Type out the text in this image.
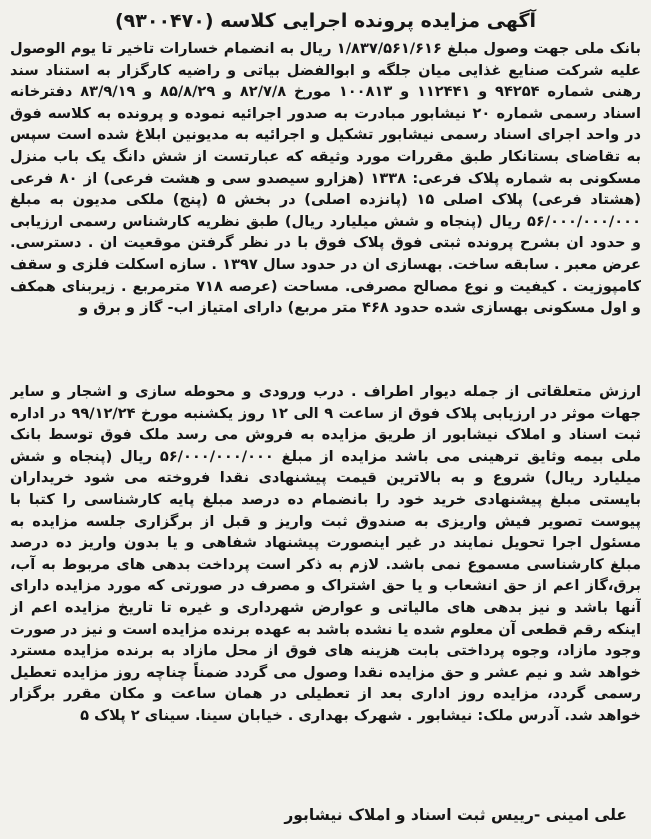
آگهی مزایده پرونده اجرایی کلاسه (۹۳۰۰۴۷۰)

بانک ملی جهت وصول مبلغ ۱/۸۳۷/۵۶۱/۶۱۶ ریال به انضمام خسارات تاخیر تا یوم الوصول علیه شرکت صنایع غذایی میان جلگه و ابوالفضل بیاتی و راضیه کارگزار به استناد سند رهنی شماره ۹۴۲۵۴ و ۱۱۲۴۴۱ و ۱۰۰۸۱۳ مورخ ۸۲/۷/۸ و ۸۵/۸/۲۹ و ۸۳/۹/۱۹ دفترخانه اسناد رسمی شماره ۲۰ نیشابور مبادرت به صدور اجرائیه نموده و پرونده به کلاسه فوق در واحد اجرای اسناد رسمی نیشابور تشکیل و اجرائیه به مدیونین ابلاغ شده است سپس به تقاضای بستانکار طبق مقررات مورد وثیقه که عبارتست از شش دانگ یک باب منزل مسکونی به شماره پلاک فرعی: ۱۳۳۸ (هزارو سیصدو سی و هشت فرعی) از ۸۰ فرعی (هشتاد فرعی) پلاک اصلی ۱۵ (پانزده اصلی) در بخش ۵ (پنج) ملکی مدیون به مبلغ ۵۶/۰۰۰/۰۰۰/۰۰۰ ریال (پنجاه و شش میلیارد ریال) طبق نظریه کارشناس رسمی ارزیابی و حدود ان بشرح پرونده ثبتی فوق پلاک فوق با در نظر گرفتن موقعیت ان . دسترسی. عرض معبر . سابقه ساخت. بهسازی ان در حدود سال ۱۳۹۷ . سازه اسکلت فلزی و سقف کامپوزیت . کیفیت و نوع مصالح مصرفی. مساحت (عرصه ۷۱۸ مترمربع . زیربنای همکف و اول مسکونی بهسازی شده حدود ۴۶۸ متر مربع) دارای امتیاز اب- گاز و برق و

ارزش متعلقاتی از جمله دیوار اطراف . درب ورودی و محوطه سازی و اشجار و سایر جهات موثر در ارزیابی پلاک فوق از ساعت ۹ الی ۱۲ روز یکشنبه مورخ ۹۹/۱۲/۲۴ در اداره ثبت اسناد و املاک نیشابور از طریق مزایده به فروش می رسد ملک فوق توسط بانک ملی بیمه وثایق ترهینی می باشد مزایده از مبلغ ۵۶/۰۰۰/۰۰۰/۰۰۰ ریال (پنجاه و شش میلیارد ریال) شروع و به بالاترین قیمت پیشنهادی نقدا فروخته می شود خریداران بایستی مبلغ پیشنهادی خرید خود را بانضمام ده درصد مبلغ پایه کارشناسی را کتبا با پیوست تصویر فیش واریزی به صندوق ثبت واریز و قبل از برگزاری جلسه مزایده به مسئول اجرا تحویل نمایند در غیر اینصورت پیشنهاد شفاهی و یا بدون واریز ده درصد مبلغ کارشناسی مسموع نمی باشد. لازم به ذکر است پرداخت بدهی های مربوط به آب، برق،گاز اعم از حق انشعاب و یا حق اشتراک و مصرف در صورتی که مورد مزایده دارای آنها باشد و نیز بدهی های مالیاتی و عوارض شهرداری و غیره تا تاریخ مزایده اعم از اینکه رقم قطعی آن معلوم شده یا نشده باشد به عهده برنده مزایده است و نیز در صورت وجود مازاد، وجوه پرداختی بابت هزینه های فوق از محل مازاد به برنده مزایده مسترد خواهد شد و نیم عشر و حق مزایده نقدا وصول می گردد ضمناً چناچه روز مزایده تعطیل رسمی گردد، مزایده روز اداری بعد از تعطیلی در همان ساعت و مکان مقرر برگزار خواهد شد. آدرس ملک: نیشابور . شهرک بهداری . خیابان سینا. سینای ۲ پلاک ۵

علی امینی -رییس ثبت اسناد و املاک نیشابور
